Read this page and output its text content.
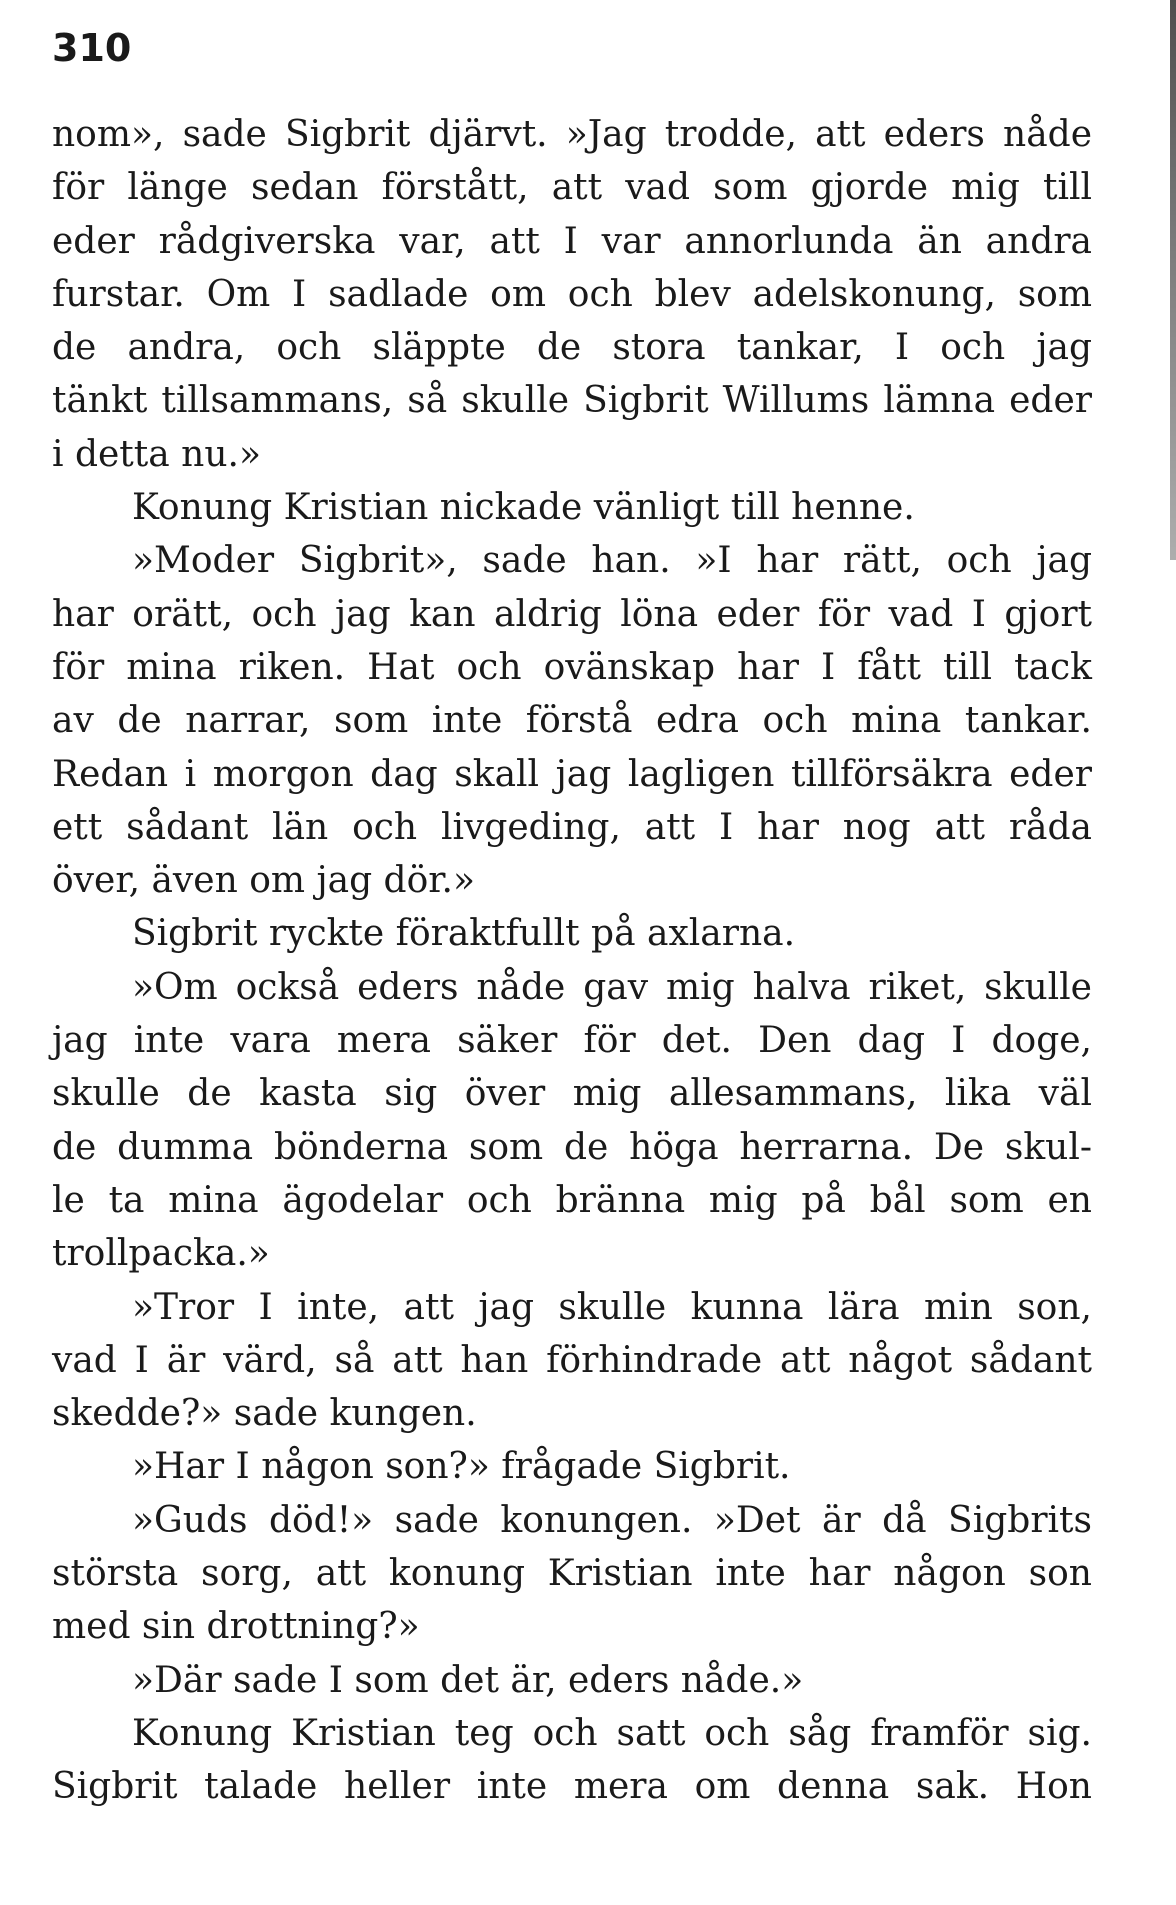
310
nom», sade Sigbrit djärvt. »Jag trodde, att eders nåde
för länge sedan förstått, att vad som gjorde mig till
eder rådgiverska var, att I var annorlunda än andra
furstar. Om I sadlade om och blev adelskonung, som
de andra, och släppte de stora tankar, I och jag
tänkt tillsammans, så skulle Sigbrit Willums lämna eder
i detta nu.»
Konung Kristian nickade vänligt till henne.
»Moder Sigbrit», sade han. »I har rätt, och jag
har orätt, och jag kan aldrig löna eder för vad I gjort
för mina riken. Hat och ovänskap har I fått till tack
av de narrar, som inte förstå edra och mina tankar.
Redan i morgon dag skall jag lagligen tillförsäkra eder
ett sådant län och livgeding, att I har nog att råda
över, även om jag dör.»
Sigbrit ryckte föraktfullt på axlarna.
»Om också eders nåde gav mig halva riket, skulle
jag inte vara mera säker för det. Den dag I doge,
skulle de kasta sig över mig allesammans, lika väl
de dumma bönderna som de höga herrarna. De skul-
le ta mina ägodelar och bränna mig på bål som en
trollpacka.»
»Tror I inte, att jag skulle kunna lära min son,
vad I är värd, så att han förhindrade att något sådant
skedde?» sade kungen.
»Har I någon son?» frågade Sigbrit.
»Guds död!» sade konungen. »Det är då Sigbrits
största sorg, att konung Kristian inte har någon son
med sin drottning?»
»Där sade I som det är, eders nåde.»
Konung Kristian teg och satt och såg framför sig.
Sigbrit talade heller inte mera om denna sak. Hon
